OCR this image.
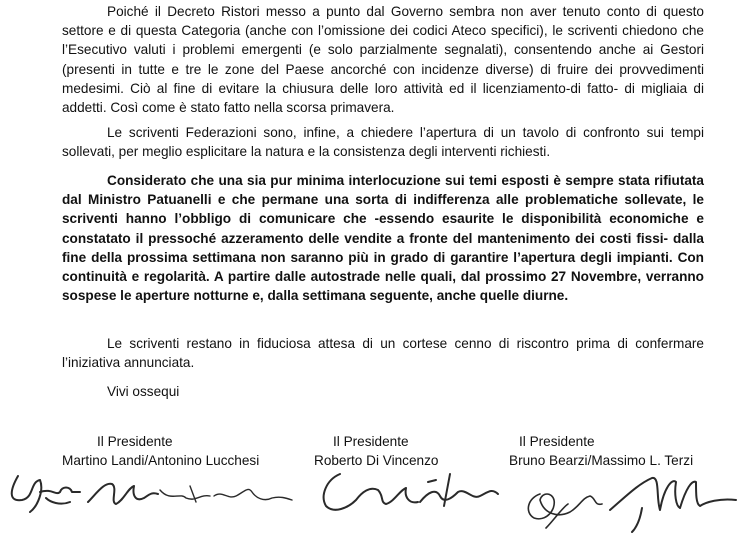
Poiché il Decreto Ristori messo a punto dal Governo sembra non aver tenuto conto di questo settore e di questa Categoria (anche con l’omissione dei codici Ateco specifici), le scriventi chiedono che l’Esecutivo valuti i problemi emergenti (e solo parzialmente segnalati), consentendo anche ai Gestori (presenti in tutte e tre le zone del Paese ancorché con incidenze diverse) di fruire dei provvedimenti medesimi. Ciò al fine di evitare la chiusura delle loro attività ed il licenziamento-di fatto- di migliaia di addetti. Così come è stato fatto nella scorsa primavera.

Le scriventi Federazioni sono, infine, a chiedere l’apertura di un tavolo di confronto sui tempi sollevati, per meglio esplicitare la natura e la consistenza degli interventi richiesti.

Considerato che una sia pur minima interlocuzione sui temi esposti è sempre stata rifiutata dal Ministro Patuanelli e che permane una sorta di indifferenza alle problematiche sollevate, le scriventi hanno l’obbligo di comunicare che -essendo esaurite le disponibilità economiche e constatato il pressoché azzeramento delle vendite a fronte del mantenimento dei costi fissi- dalla fine della prossima settimana non saranno più in grado di garantire l’apertura degli impianti. Con continuità e regolarità. A partire dalle autostrade nelle quali, dal prossimo 27 Novembre, verranno sospese le aperture notturne e, dalla settimana seguente, anche quelle diurne.

Le scriventi restano in fiduciosa attesa di un cortese cenno di riscontro prima di confermare l’iniziativa annunciata.

Vivi ossequi

Il Presidente
Martino Landi/Antonino Lucchesi
Il Presidente
Roberto Di Vincenzo
Il Presidente
Bruno Bearzi/Massimo L. Terzi
